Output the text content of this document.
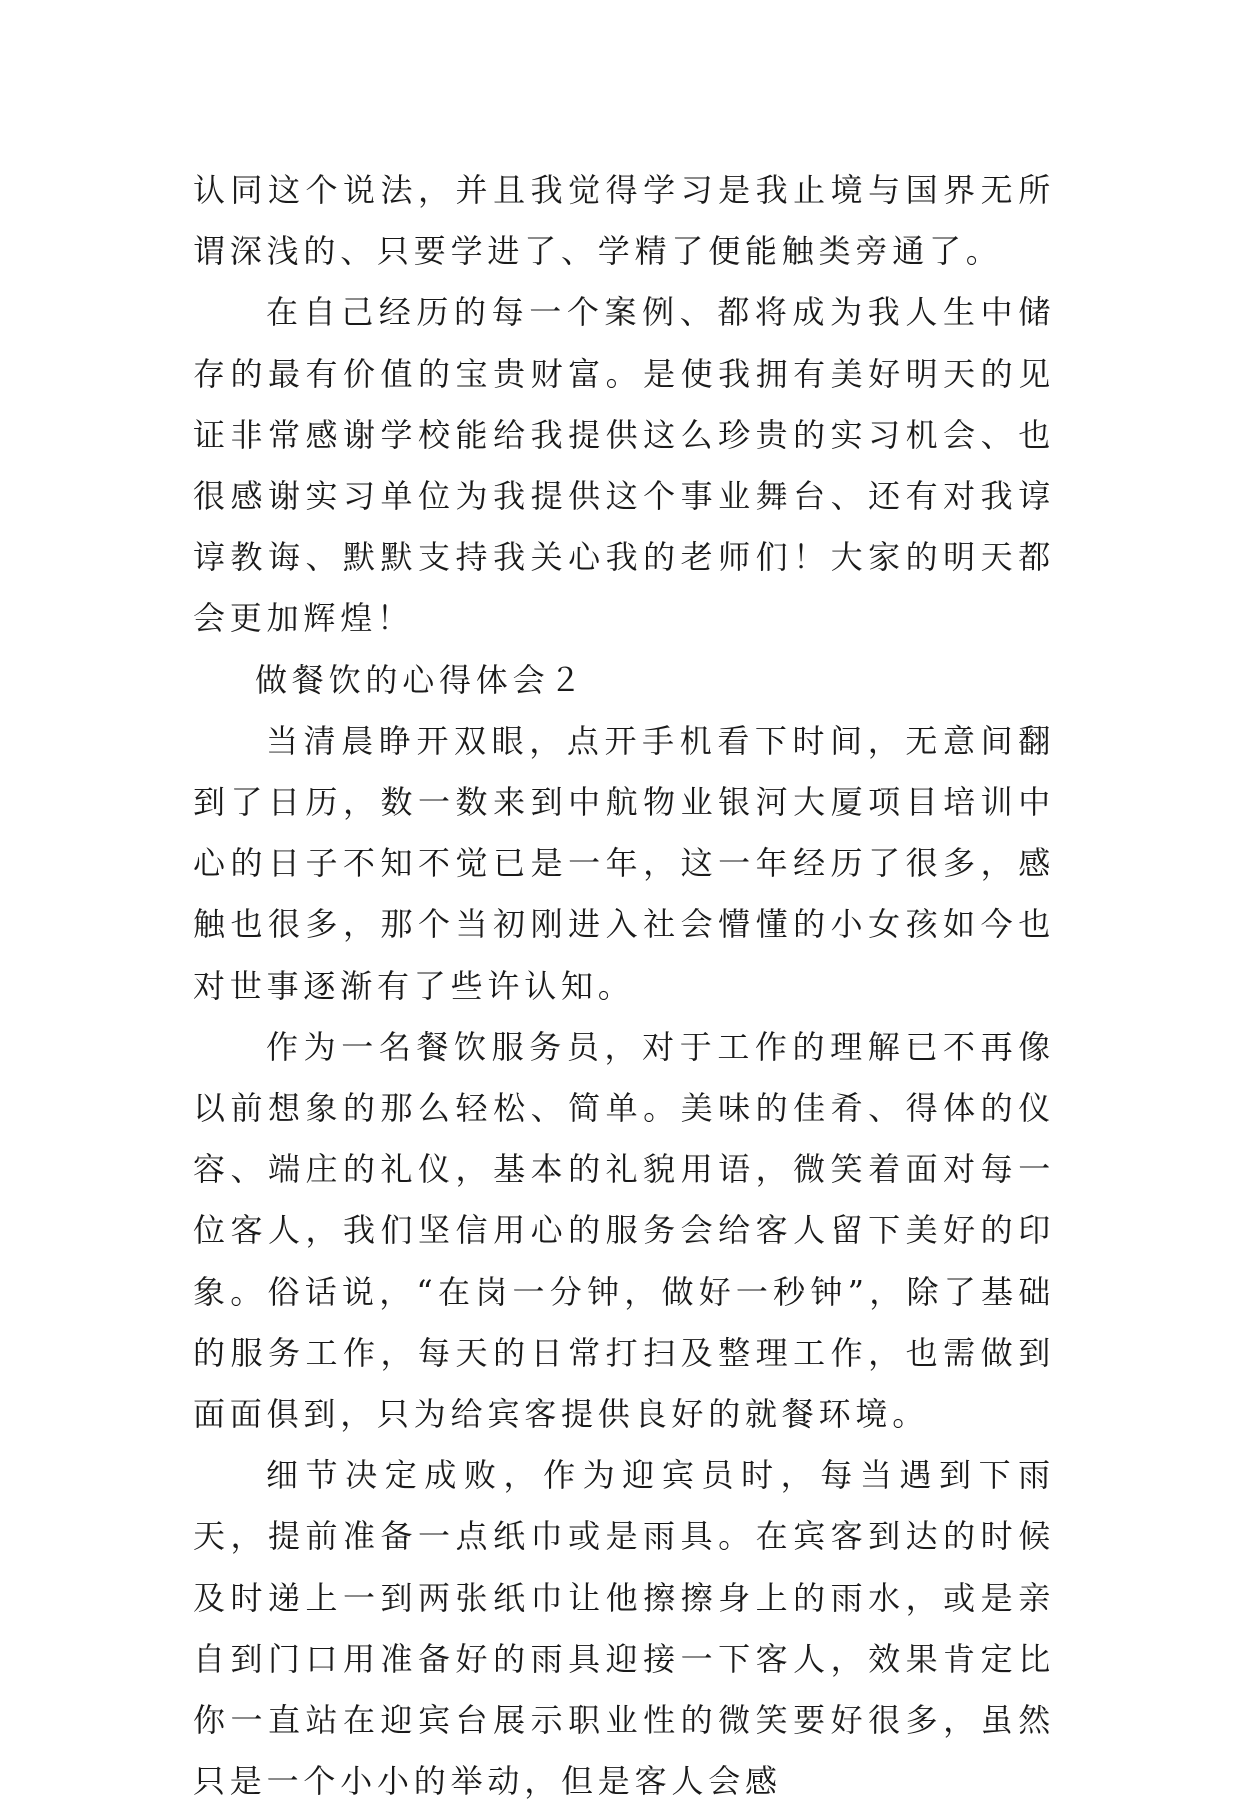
认同这个说法，并且我觉得学习是我止境与国界无所谓深浅的、只要学进了、学精了便能触类旁通了。

在自己经历的每一个案例、都将成为我人生中储存的最有价值的宝贵财富。是使我拥有美好明天的见证非常感谢学校能给我提供这么珍贵的实习机会、也很感谢实习单位为我提供这个事业舞台、还有对我谆谆教诲、默默支持我关心我的老师们！大家的明天都会更加辉煌！

做餐饮的心得体会２

当清晨睁开双眼，点开手机看下时间，无意间翻到了日历，数一数来到中航物业银河大厦项目培训中心的日子不知不觉已是一年，这一年经历了很多，感触也很多，那个当初刚进入社会懵懂的小女孩如今也对世事逐渐有了些许认知。

作为一名餐饮服务员，对于工作的理解已不再像以前想象的那么轻松、简单。美味的佳肴、得体的仪容、端庄的礼仪，基本的礼貌用语，微笑着面对每一位客人，我们坚信用心的服务会给客人留下美好的印象。俗话说，“在岗一分钟，做好一秒钟”，除了基础的服务工作，每天的日常打扫及整理工作，也需做到面面俱到，只为给宾客提供良好的就餐环境。

细节决定成败，作为迎宾员时，每当遇到下雨天，提前准备一点纸巾或是雨具。在宾客到达的时候及时递上一到两张纸巾让他擦擦身上的雨水，或是亲自到门口用准备好的雨具迎接一下客人，效果肯定比你一直站在迎宾台展示职业性的微笑要好很多，虽然只是一个小小的举动，但是客人会感
